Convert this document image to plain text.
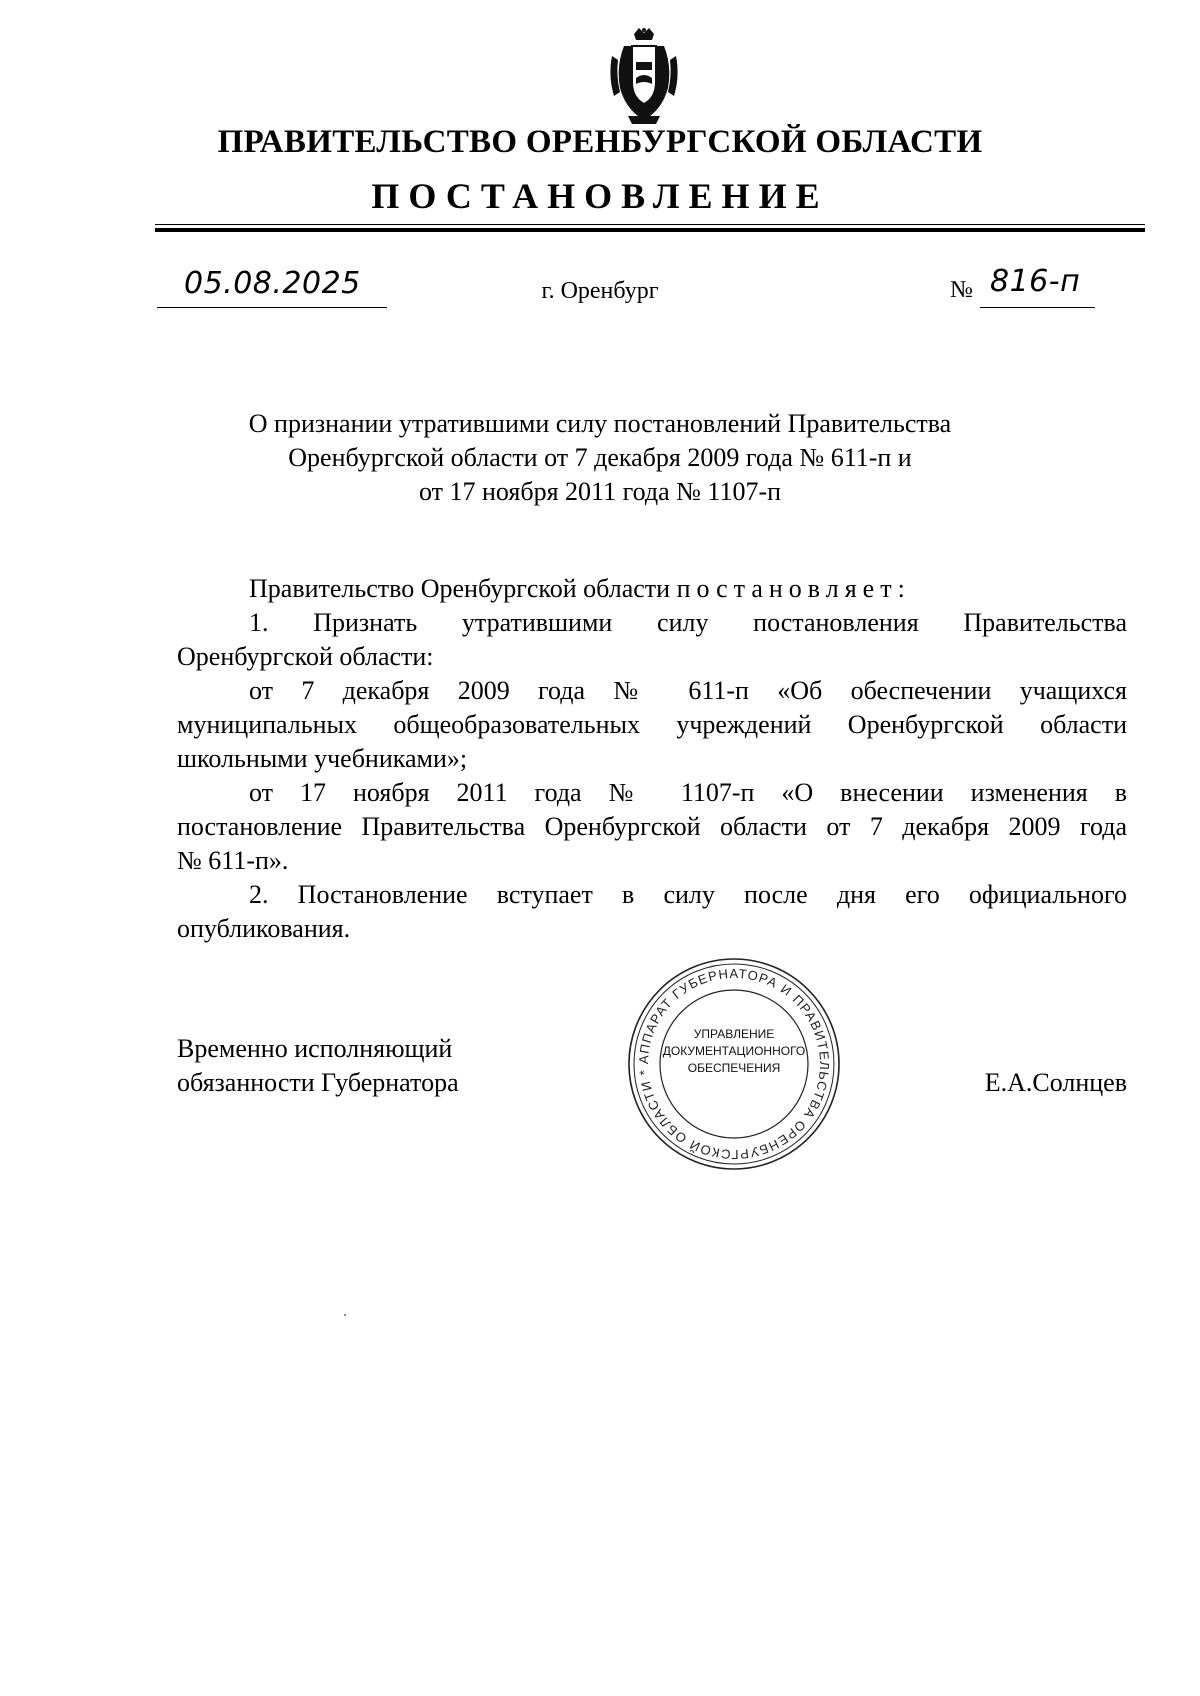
ПРАВИТЕЛЬСТВО ОРЕНБУРГСКОЙ ОБЛАСТИ
ПОСТАНОВЛЕНИЕ
05.08.2025	г. Оренбург	№ 816-п
О признании утратившими силу постановлений Правительства
Оренбургской области от 7 декабря 2009 года № 611-п и
от 17 ноября 2011 года № 1107-п

Правительство Оренбургской области постановляет:

1. Признать утратившими силу постановления Правительства

Оренбургской области:

от 7 декабря 2009 года № 611-п «Об обеспечении учащихся

муниципальных общеобразовательных учреждений Оренбургской области

школьными учебниками»;

от 17 ноября 2011 года № 1107-п «О внесении изменения в

постановление Правительства Оренбургской области от 7 декабря 2009 года

№ 611-п».

2. Постановление вступает в силу после дня его официального

опубликования.

Временно исполняющий
обязанности Губернатора	Е.А.Солнцев
АППАРАТ ГУБЕРНАТОРА И ПРАВИТЕЛЬСТВА ОРЕНБУРГСКОЙ ОБЛАСТИ *
УПРАВЛЕНИЕ
ДОКУМЕНТАЦИОННОГО
ОБЕСПЕЧЕНИЯ
